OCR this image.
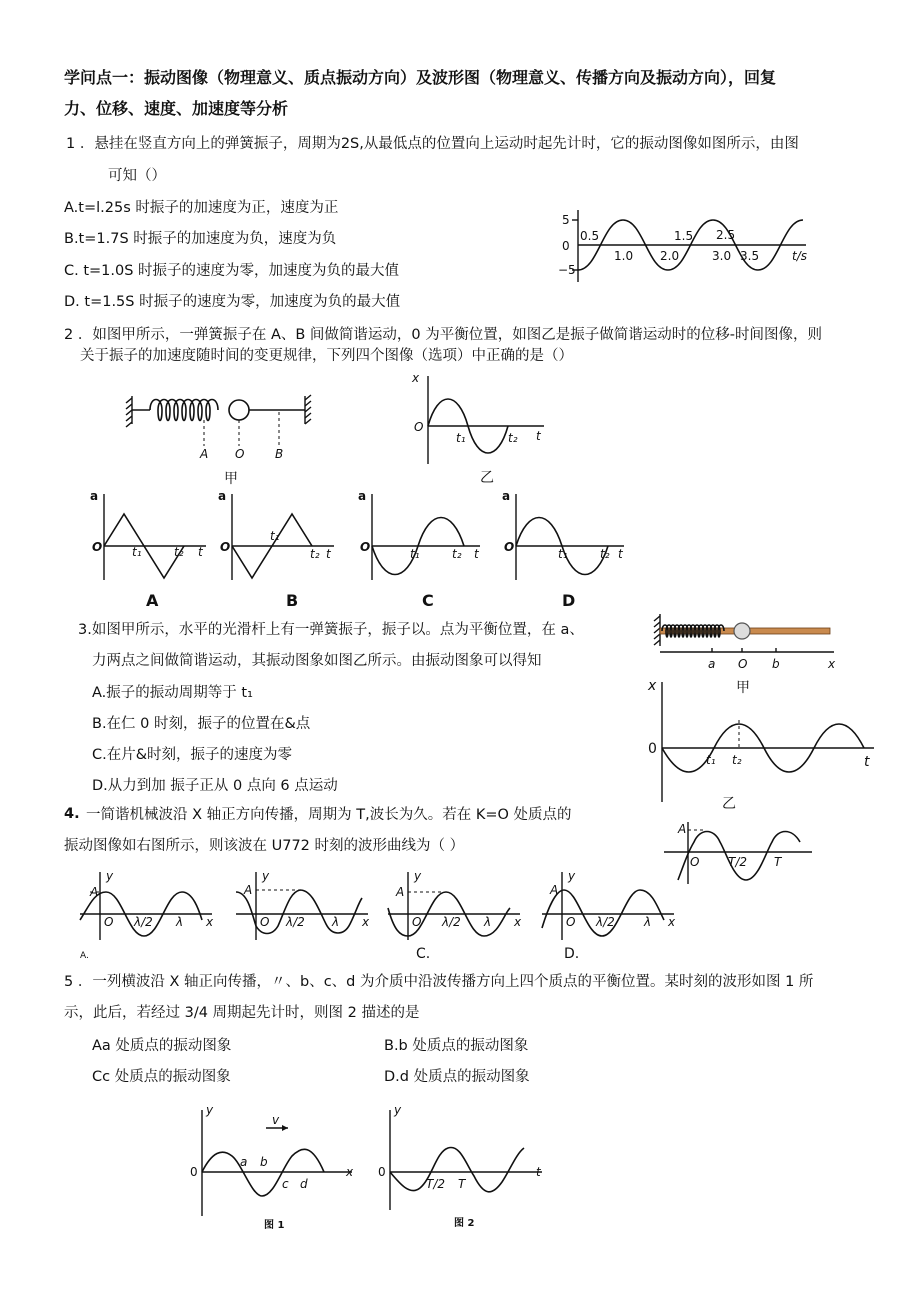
学问点一：振动图像（物理意义、质点振动方向）及波形图（物理意义、传播方向及振动方向），回复
力、位移、速度、加速度等分析
1 ．悬挂在竖直方向上的弹簧振子，周期为2S,从最低点的位置向上运动时起先计时，它的振动图像如图所示，由图
可知（）
A.t=l.25s 时振子的加速度为正，速度为正
B.t=1.7S 时振子的加速度为负，速度为负
C. t=1.0S 时振子的速度为零，加速度为负的最大值
D. t=1.5S 时振子的速度为零，加速度为负的最大值
2 ．如图甲所示，一弹簧振子在 A、B 间做简谐运动，0 为平衡位置，如图乙是振子做简谐运动时的位移-时间图像，则
关于振子的加速度随时间的变更规律，下列四个图像（选项）中正确的是（）
3.如图甲所示，水平的光滑杆上有一弹簧振子，振子以。点为平衡位置，在 a、
力两点之间做简谐运动，其振动图象如图乙所示。由振动图象可以得知
A.振子的振动周期等于 t₁
B.在仁 0 时刻，振子的位置在&点
C.在片&时刻，振子的速度为零
D.从力到加 振子正从 0 点向 6 点运动
4. 一简谐机械波沿 X 轴正方向传播，周期为 T,波长为久。若在 K=O 处质点的
振动图像如右图所示，则该波在 U772 时刻的波形曲线为（ ）
5 ．一列横波沿 X 轴正向传播，〃、b、c、d 为介质中沿波传播方向上四个质点的平衡位置。某时刻的波形如图 1 所
示，此后，若经过 3/4 周期起先计时，则图 2 描述的是
Aa 处质点的振动图象	B.b 处质点的振动图象
Cc 处质点的振动图象	D.d 处质点的振动图象
5
0
−5
0.5	1.5 2.5
1.0 2.0	3.0 3.5	t/s
A O	B
甲
x
O
t₁	t₂ t
乙
a
O t₁	t₂ t
A
a
O
t₁
t₂ t
B
a
O	t₁	t₂ t
C
a
O	t₁	t₂ t
D
a O b	x
甲
x
0
t₁ t₂	t
乙
A
O T/2 T
A
y
O λ/2 λ x
A.
A
y
O λ/2 λ x
A
y
O λ/2 λ x
C.
A
y
O λ/2 λ x
D.
y
v
0
a b
c d
x
图 1
y
0
T/2 T
t
图 2
